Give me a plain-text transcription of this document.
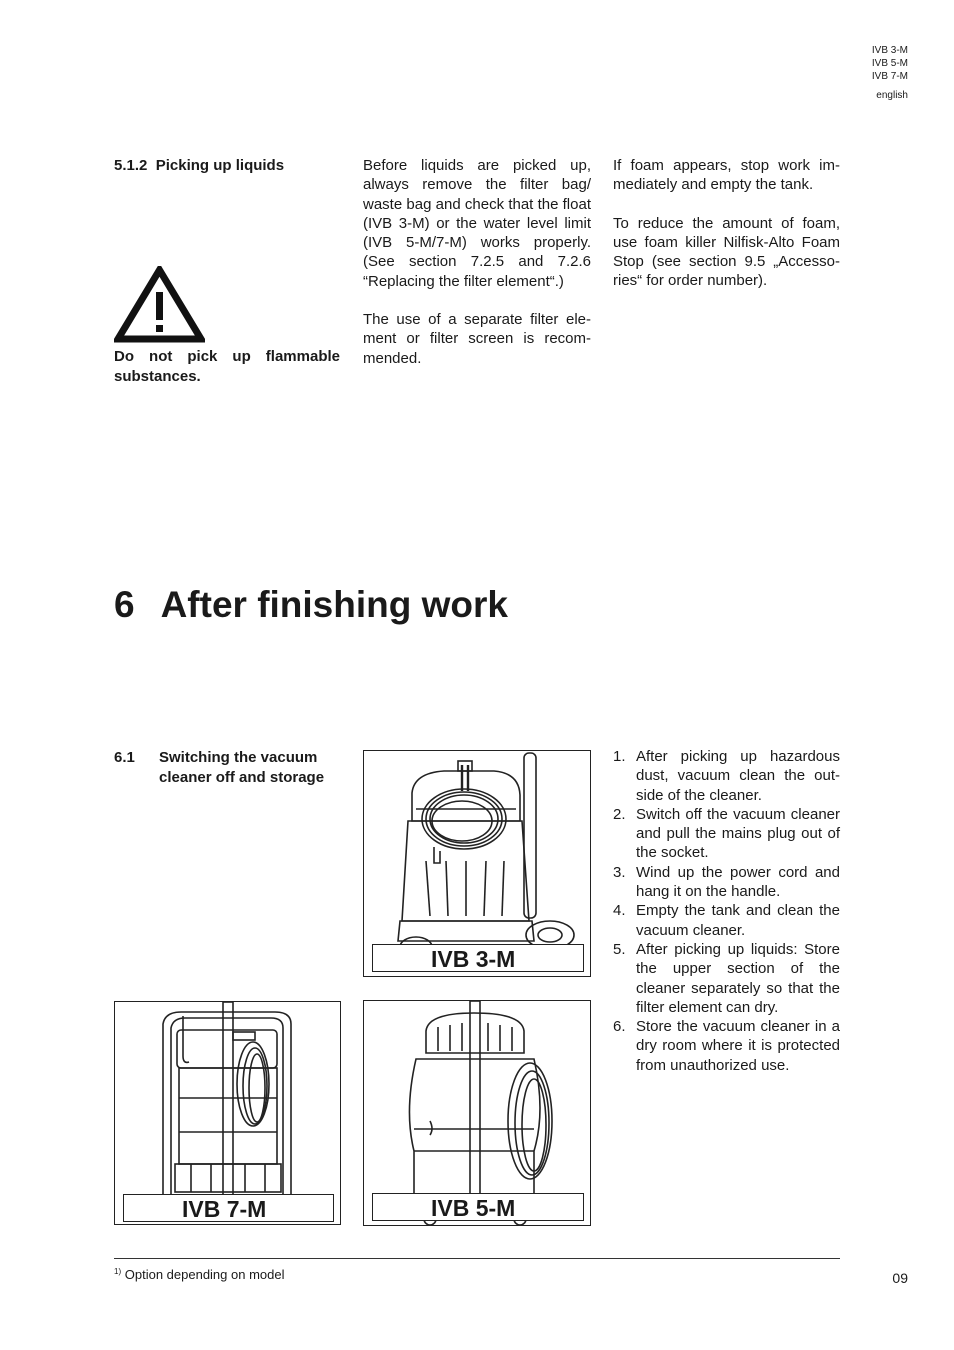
IVB 3-M
IVB 5-M
IVB 7-M
english
5.1.2 Picking up liquids
Do not pick up flammable substances.

Before liquids are picked up, always remove the filter bag/ waste bag and check that the float (IVB 3-M) or the water level limit (IVB 5-M/7-M) works properly. (See section 7.2.5 and 7.2.6 “Replacing the filter element“.)

The use of a separate filter element or filter screen is recommended.

If foam appears, stop work immediately and empty the tank.

To reduce the amount of foam, use foam killer Nilfisk-Alto Foam Stop (see section 9.5 „Accessories“ for order number).

6 After finishing work
6.1	Switching the vacuum
cleaner off and storage
IVB 3-M
IVB 7-M	IVB 5-M
1. After picking up hazardous dust, vacuum clean the outside of the cleaner.
2. Switch off the vacuum cleaner and pull the mains plug out of the socket.
3. Wind up the power cord and hang it on the handle.
4. Empty the tank and clean the vacuum cleaner.
5. After picking up liquids: Store the upper section of the cleaner separately so that the filter element can dry.
6. Store the vacuum cleaner in a dry room where it is protected from unauthorized use.
$^{1)}$ Option depending on model	09
